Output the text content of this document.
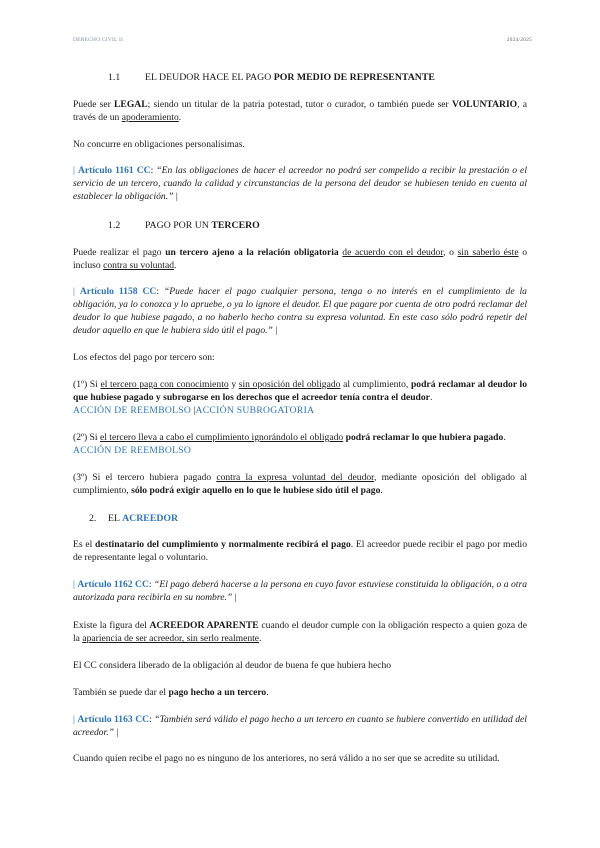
DERECHO CIVIL II	2024/2025
1.1	EL DEUDOR HACE EL PAGO POR MEDIO DE REPRESENTANTE
Puede ser LEGAL; siendo un titular de la patria potestad, tutor o curador, o también puede ser VOLUNTARIO, a través de un apoderamiento.
No concurre en obligaciones personalísimas.
| Artículo 1161 CC: “En las obligaciones de hacer el acreedor no podrá ser compelido a recibir la prestación o el servicio de un tercero, cuando la calidad y circunstancias de la persona del deudor se hubiesen tenido en cuenta al establecer la obligación.” |
1.2	PAGO POR UN TERCERO
Puede realizar el pago un tercero ajeno a la relación obligatoria de acuerdo con el deudor, o sin saberlo éste o incluso contra su voluntad.
| Artículo 1158 CC: “Puede hacer el pago cualquier persona, tenga o no interés en el cumplimiento de la obligación, ya lo conozca y lo apruebe, o ya lo ignore el deudor. El que pagare por cuenta de otro podrá reclamar del deudor lo que hubiese pagado, a no haberlo hecho contra su expresa voluntad. En este caso sólo podrá repetir del deudor aquello en que le hubiera sido útil el pago.” |
Los efectos del pago por tercero son:
(1º) Si el tercero paga con conocimiento y sin oposición del obligado al cumplimiento, podrá reclamar al deudor lo que hubiese pagado y subrogarse en los derechos que el acreedor tenía contra el deudor.
ACCIÓN DE REEMBOLSO |ACCIÓN SUBROGATORIA
(2º) Si el tercero lleva a cabo el cumplimiento ignorándolo el obligado podrá reclamar lo que hubiera pagado.
ACCIÓN DE REEMBOLSO
(3º) Si el tercero hubiera pagado contra la expresa voluntad del deudor, mediante oposición del obligado al cumplimiento, sólo podrá exigir aquello en lo que le hubiese sido útil el pago.
2. EL ACREEDOR
Es el destinatario del cumplimiento y normalmente recibirá el pago. El acreedor puede recibir el pago por medio de representante legal o voluntario.
| Artículo 1162 CC: “El pago deberá hacerse a la persona en cuyo favor estuviese constituida la obligación, o a otra autorizada para recibirla en su nombre.” |
Existe la figura del ACREEDOR APARENTE cuando el deudor cumple con la obligación respecto a quien goza de la apariencia de ser acreedor, sin serlo realmente.
El CC considera liberado de la obligación al deudor de buena fe que hubiera hecho
También se puede dar el pago hecho a un tercero.
| Artículo 1163 CC: “También será válido el pago hecho a un tercero en cuanto se hubiere convertido en utilidad del acreedor.” |
Cuando quien recibe el pago no es ninguno de los anteriores, no será válido a no ser que se acredite su utilidad.
